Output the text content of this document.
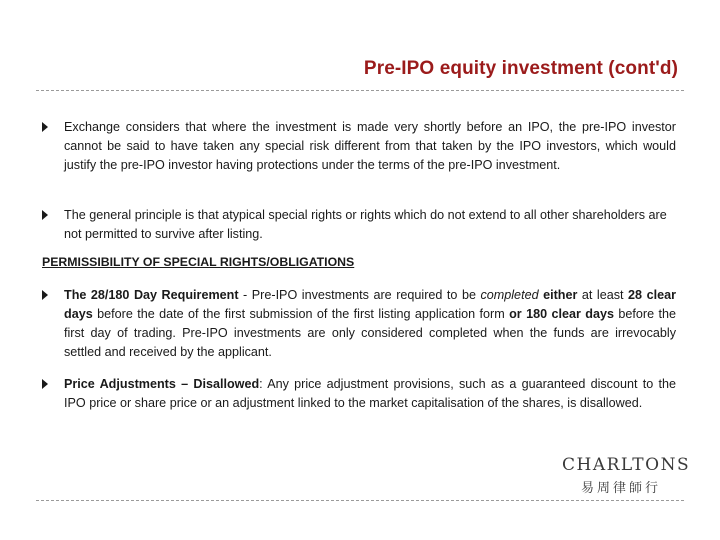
Pre-IPO equity investment (cont'd)
Exchange considers that where the investment is made very shortly before an IPO, the pre-IPO investor cannot be said to have taken any special risk different from that taken by the IPO investors, which would justify the pre-IPO investor having protections under the terms of the pre-IPO investment.
The general principle is that atypical special rights or rights which do not extend to all other shareholders are not permitted to survive after listing.
PERMISSIBILITY OF SPECIAL RIGHTS/OBLIGATIONS
The 28/180 Day Requirement - Pre-IPO investments are required to be completed either at least 28 clear days before the date of the first submission of the first listing application form or 180 clear days before the first day of trading. Pre-IPO investments are only considered completed when the funds are irrevocably settled and received by the applicant.
Price Adjustments – Disallowed: Any price adjustment provisions, such as a guaranteed discount to the IPO price or share price or an adjustment linked to the market capitalisation of the shares, is disallowed.
CHARLTONS
易周律師行
